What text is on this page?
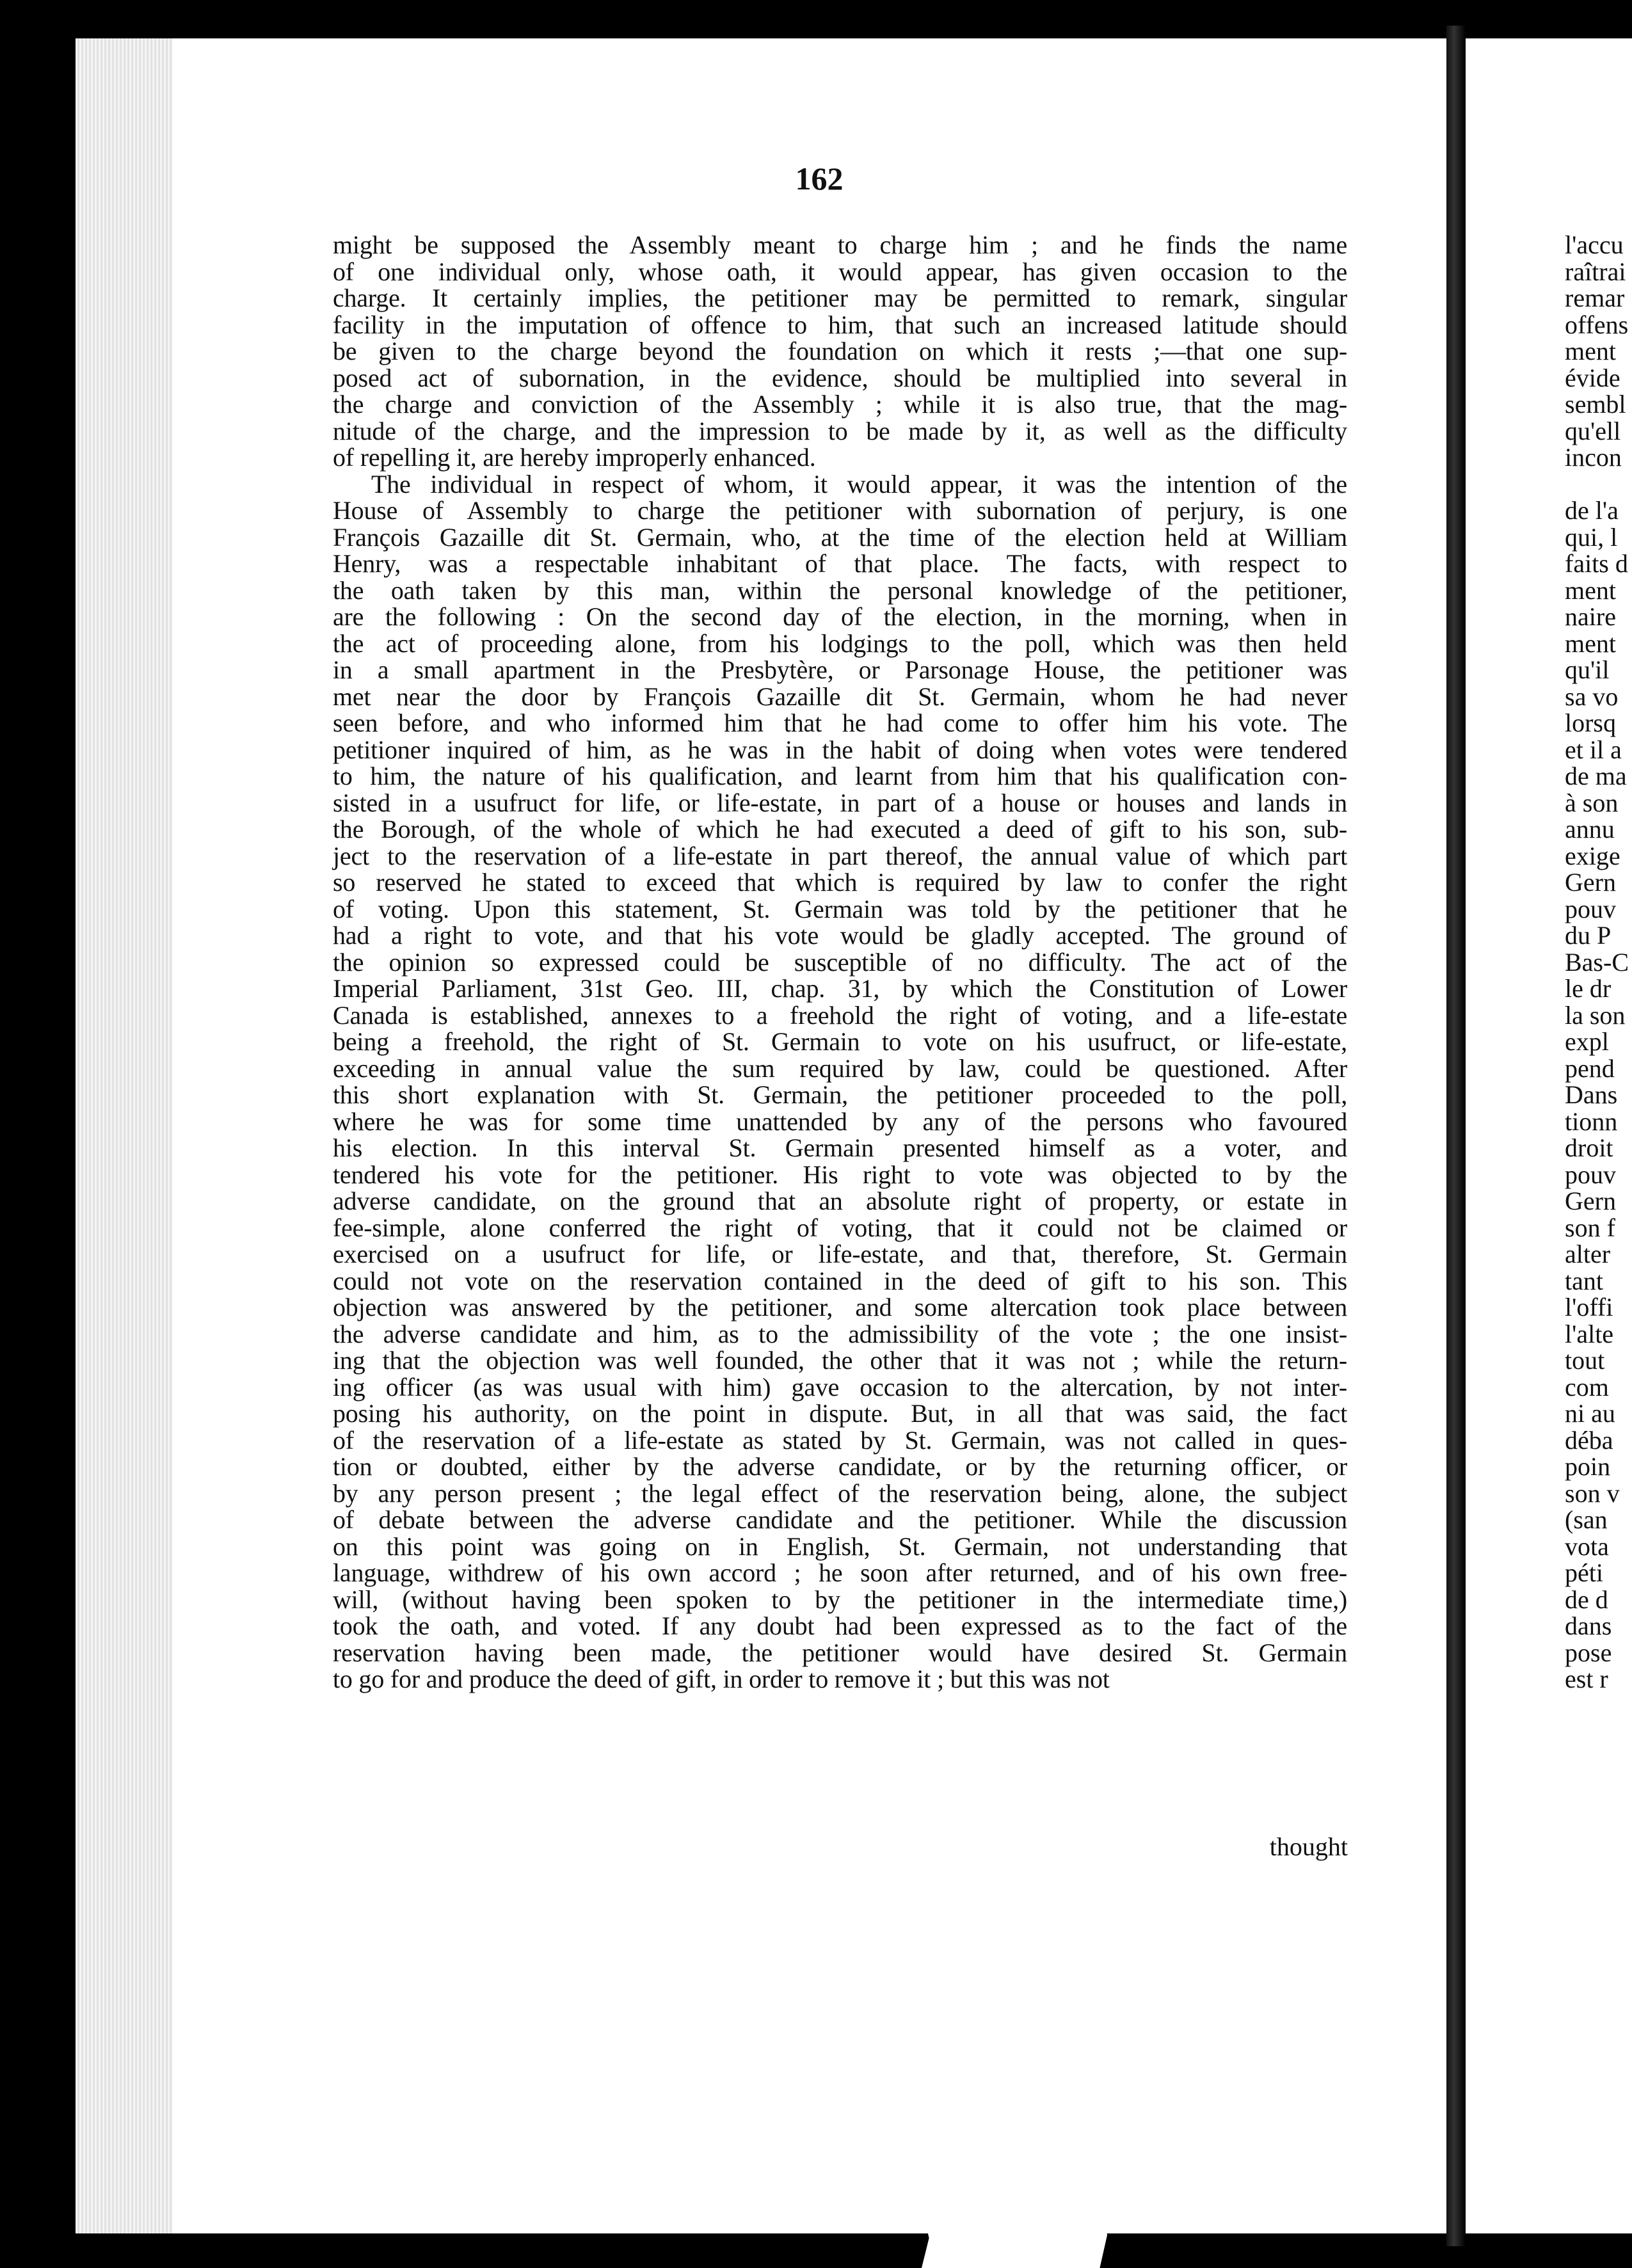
162
might be supposed the Assembly meant to charge him ; and he finds the name
of one individual only, whose oath, it would appear, has given occasion to the
charge. It certainly implies, the petitioner may be permitted to remark, singular
facility in the imputation of offence to him, that such an increased latitude should
be given to the charge beyond the foundation on which it rests ;—that one sup-
posed act of subornation, in the evidence, should be multiplied into several in
the charge and conviction of the Assembly ; while it is also true, that the mag-
nitude of the charge, and the impression to be made by it, as well as the difficulty
of repelling it, are hereby improperly enhanced.
The individual in respect of whom, it would appear, it was the intention of the
House of Assembly to charge the petitioner with subornation of perjury, is one
François Gazaille dit St. Germain, who, at the time of the election held at William
Henry, was a respectable inhabitant of that place. The facts, with respect to
the oath taken by this man, within the personal knowledge of the petitioner,
are the following : On the second day of the election, in the morning, when in
the act of proceeding alone, from his lodgings to the poll, which was then held
in a small apartment in the Presbytère, or Parsonage House, the petitioner was
met near the door by François Gazaille dit St. Germain, whom he had never
seen before, and who informed him that he had come to offer him his vote. The
petitioner inquired of him, as he was in the habit of doing when votes were tendered
to him, the nature of his qualification, and learnt from him that his qualification con-
sisted in a usufruct for life, or life-estate, in part of a house or houses and lands in
the Borough, of the whole of which he had executed a deed of gift to his son, sub-
ject to the reservation of a life-estate in part thereof, the annual value of which part
so reserved he stated to exceed that which is required by law to confer the right
of voting. Upon this statement, St. Germain was told by the petitioner that he
had a right to vote, and that his vote would be gladly accepted. The ground of
the opinion so expressed could be susceptible of no difficulty. The act of the
Imperial Parliament, 31st Geo. III, chap. 31, by which the Constitution of Lower
Canada is established, annexes to a freehold the right of voting, and a life-estate
being a freehold, the right of St. Germain to vote on his usufruct, or life-estate,
exceeding in annual value the sum required by law, could be questioned. After
this short explanation with St. Germain, the petitioner proceeded to the poll,
where he was for some time unattended by any of the persons who favoured
his election. In this interval St. Germain presented himself as a voter, and
tendered his vote for the petitioner. His right to vote was objected to by the
adverse candidate, on the ground that an absolute right of property, or estate in
fee-simple, alone conferred the right of voting, that it could not be claimed or
exercised on a usufruct for life, or life-estate, and that, therefore, St. Germain
could not vote on the reservation contained in the deed of gift to his son. This
objection was answered by the petitioner, and some altercation took place between
the adverse candidate and him, as to the admissibility of the vote ; the one insist-
ing that the objection was well founded, the other that it was not ; while the return-
ing officer (as was usual with him) gave occasion to the altercation, by not inter-
posing his authority, on the point in dispute. But, in all that was said, the fact
of the reservation of a life-estate as stated by St. Germain, was not called in ques-
tion or doubted, either by the adverse candidate, or by the returning officer, or
by any person present ; the legal effect of the reservation being, alone, the subject
of debate between the adverse candidate and the petitioner. While the discussion
on this point was going on in English, St. Germain, not understanding that
language, withdrew of his own accord ; he soon after returned, and of his own free-
will, (without having been spoken to by the petitioner in the intermediate time,)
took the oath, and voted. If any doubt had been expressed as to the fact of the
reservation having been made, the petitioner would have desired St. Germain
to go for and produce the deed of gift, in order to remove it ; but this was not
thought
l'accu
raîtrai
remar
offens
ment
évide
sembl
qu'ell
incon
de l'a
qui, l
faits d
ment
naire
ment
qu'il
sa vo
lorsq
et il a
de ma
à son
annu
exige
Gern
pouv
du P
Bas-C
le dr
la son
expl
pend
Dans
tionn
droit
pouv
Gern
son f
alter
tant
l'offi
l'alte
tout
com
ni au
déba
poin
son v
(san
vota
péti
de d
dans
pose
est r
